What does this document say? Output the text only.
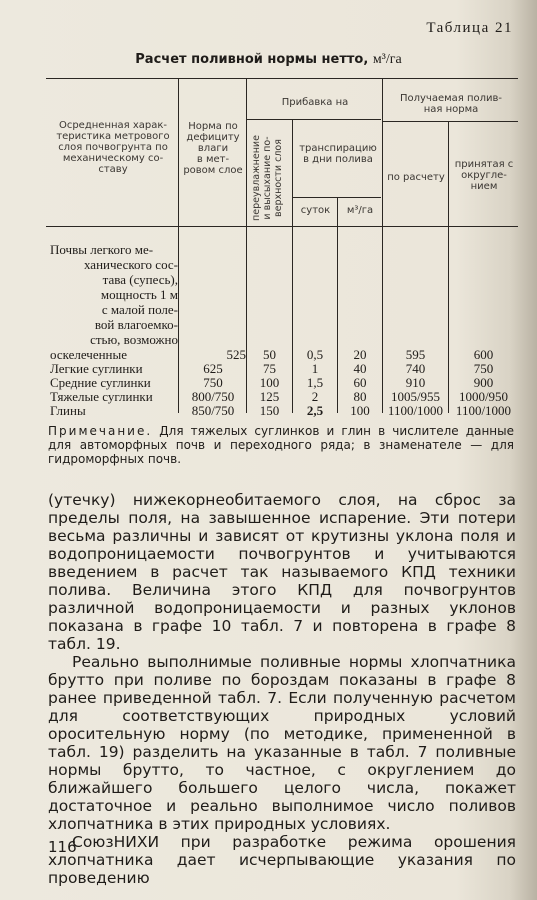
Таблица 21
Расчет поливной нормы нетто, м³/га
Осредненная харак-
теристика метрового
слоя почвогрунта по
механическому со-
ставу
Норма по
дефициту
влаги
в мет-
ровом слое
Прибавка на
переувлажнение
и высыхание по-
верхности слоя	транспирацию
в дни полива
суток	м³/га
Получаемая полив-
ная норма
по расчету
принятая с
округле-
нием
Почвы легкого ме-
ханического сос-
тава (супесь),
мощность 1 м
с малой поле-
вой влагоемко-
стью, возможно
оскелеченные	525	50	0,5	20	595	600
Легкие суглинки	625	75	1	40	740	750
Средние суглинки	750	100	1,5	60	910	900
Тяжелые суглинки	800/750	125	2	80	1005/955	1000/950
Глины	850/750	150	2,5	100	1100/1000 1100/1000
Примечание. Для тяжелых суглинков и глин в числителе данные для автоморфных почв и переходного ряда; в знаменателе — для гидроморфных почв.

(утечку) нижекорнеобитаемого слоя, на сброс за пределы поля, на завышенное испарение. Эти потери весьма различны и зависят от крутизны уклона поля и водопроницаемости почвогрунтов и учитываются введением в расчет так называемого КПД техники полива. Величина этого КПД для почвогрунтов различной водопроницаемости и разных уклонов показана в графе 10 табл. 7 и повторена в графе 8 табл. 19.

Реально выполнимые поливные нормы хлопчатника брутто при поливе по бороздам показаны в графе 8 ранее приведенной табл. 7. Если полученную расчетом для соответствующих природных условий оросительную норму (по методике, примененной в табл. 19) разделить на указанные в табл. 7 поливные нормы брутто, то частное, с округлением до ближайшего большего целого числа, покажет достаточное и реально выполнимое число поливов хлопчатника в этих природных условиях.

СоюзНИХИ при разработке режима орошения хлопчатника дает исчерпывающие указания по проведению

116
